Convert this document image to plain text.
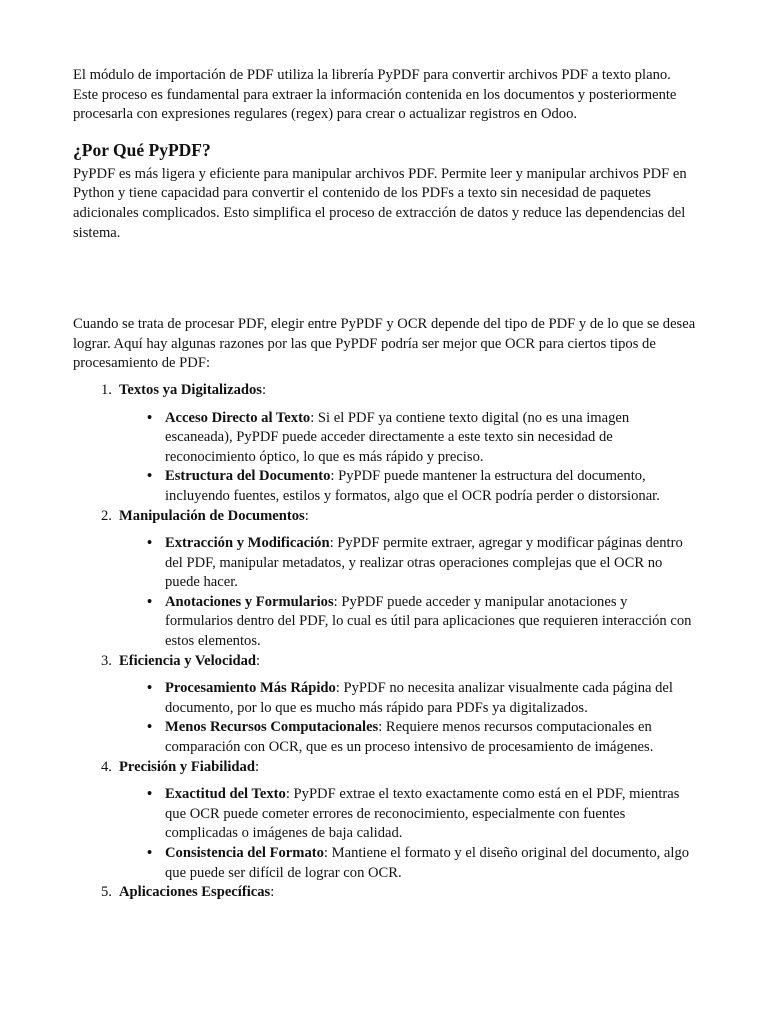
El módulo de importación de PDF utiliza la librería PyPDF para convertir archivos PDF a texto plano. Este proceso es fundamental para extraer la información contenida en los documentos y posteriormente procesarla con expresiones regulares (regex) para crear o actualizar registros en Odoo.

¿Por Qué PyPDF?

PyPDF es más ligera y eficiente para manipular archivos PDF. Permite leer y manipular archivos PDF en Python y tiene capacidad para convertir el contenido de los PDFs a texto sin necesidad de paquetes adicionales complicados. Esto simplifica el proceso de extracción de datos y reduce las dependencias del sistema.

Cuando se trata de procesar PDF, elegir entre PyPDF y OCR depende del tipo de PDF y de lo que se desea lograr. Aquí hay algunas razones por las que PyPDF podría ser mejor que OCR para ciertos tipos de procesamiento de PDF:

1. Textos ya Digitalizados:
• Acceso Directo al Texto: Si el PDF ya contiene texto digital (no es una imagen escaneada), PyPDF puede acceder directamente a este texto sin necesidad de reconocimiento óptico, lo que es más rápido y preciso.
• Estructura del Documento: PyPDF puede mantener la estructura del documento, incluyendo fuentes, estilos y formatos, algo que el OCR podría perder o distorsionar.
2. Manipulación de Documentos:
• Extracción y Modificación: PyPDF permite extraer, agregar y modificar páginas dentro del PDF, manipular metadatos, y realizar otras operaciones complejas que el OCR no puede hacer.
• Anotaciones y Formularios: PyPDF puede acceder y manipular anotaciones y formularios dentro del PDF, lo cual es útil para aplicaciones que requieren interacción con estos elementos.
3. Eficiencia y Velocidad:
• Procesamiento Más Rápido: PyPDF no necesita analizar visualmente cada página del documento, por lo que es mucho más rápido para PDFs ya digitalizados.
• Menos Recursos Computacionales: Requiere menos recursos computacionales en comparación con OCR, que es un proceso intensivo de procesamiento de imágenes.
4. Precisión y Fiabilidad:
• Exactitud del Texto: PyPDF extrae el texto exactamente como está en el PDF, mientras que OCR puede cometer errores de reconocimiento, especialmente con fuentes complicadas o imágenes de baja calidad.
• Consistencia del Formato: Mantiene el formato y el diseño original del documento, algo que puede ser difícil de lograr con OCR.
5. Aplicaciones Específicas:
